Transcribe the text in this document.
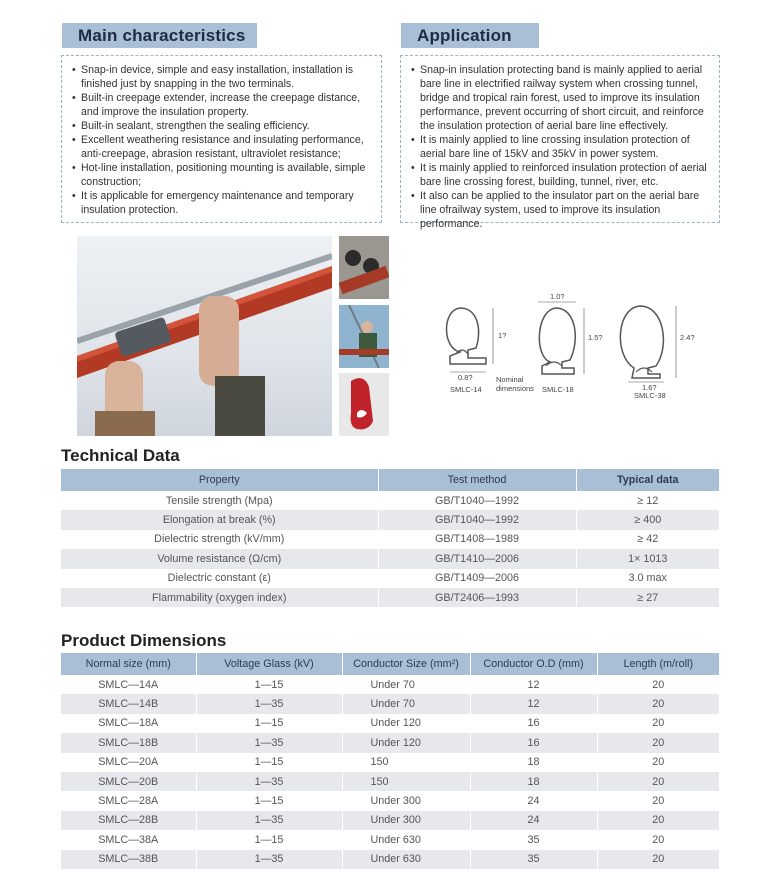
Main characteristics
• Snap-in device, simple and easy installation, installation is finished just by snapping in the two terminals.
• Built-in creepage extender, increase the creepage distance, and improve the insulation property.
• Built-in sealant, strengthen the sealing efficiency.
• Excellent weathering resistance and insulating performance, anti-creepage, abrasion resistant, ultraviolet resistance;
• Hot-line installation, positioning mounting is available, simple construction;
• It is applicable for emergency maintenance and temporary insulation protection.
Application
• Snap-in insulation protecting band is mainly applied to aerial bare line in electrified railway system when crossing tunnel, bridge and tropical rain forest, used to improve its insulation performance, prevent occurring of short circuit, and reinforce the insulation protection of aerial bare line effectively.
• It is mainly applied to line crossing insulation protection of aerial bare line of 15kV and 35kV in power system.
• It is mainly applied to reinforced insulation protection of aerial bare line crossing forest, building, tunnel, river, etc.
• It also can be applied to the insulator part on the aerial bare line ofrailway system, used to improve its insulation performance.
1?
0.8?
SMLC-14
Nominal dimensions
1.0?
1.5?
SMLC-18
2.4?
1.6?
SMLC-38
Technical Data
Property	Test method	Typical data
Tensile strength (Mpa)	GB/T1040—1992	≥ 12
Elongation at break (%)	GB/T1040—1992	≥ 400
Dielectric strength (kV/mm)	GB/T1408—1989	≥ 42
Volume resistance (Ω/cm)	GB/T1410—2006	1× 1013
Dielectric constant (ε)	GB/T1409—2006	3.0 max
Flammability (oxygen index)	GB/T2406—1993	≥ 27
Product Dimensions
Normal size (mm)	Voltage Glass (kV)	Conductor Size (mm²)	Conductor O.D (mm)	Length (m/roll)
SMLC—14A	1—15	Under 70	12	20
SMLC—14B	1—35	Under 70	12	20
SMLC—18A	1—15	Under 120	16	20
SMLC—18B	1—35	Under 120	16	20
SMLC—20A	1—15	150	18	20
SMLC—20B	1—35	150	18	20
SMLC—28A	1—15	Under 300	24	20
SMLC—28B	1—35	Under 300	24	20
SMLC—38A	1—15	Under 630	35	20
SMLC—38B	1—35	Under 630	35	20
